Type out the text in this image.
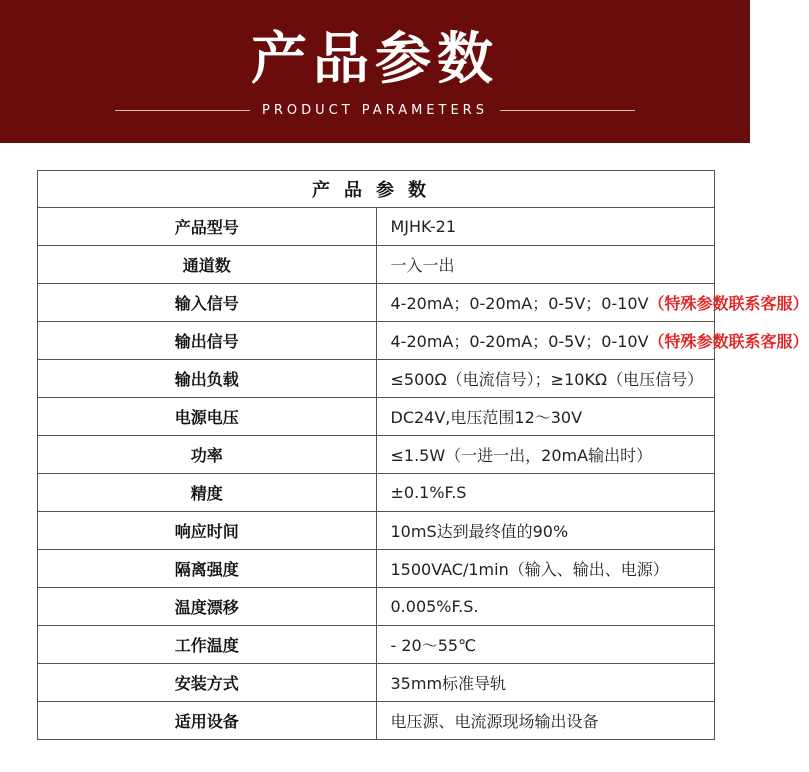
产品参数
PRODUCT PARAMETERS
产品参数	
产品型号	MJHK-21
通道数	一入一出
输入信号	4-20mA；0-20mA；0-5V；0-10V（特殊参数联系客服）
输出信号	4-20mA；0-20mA；0-5V；0-10V（特殊参数联系客服）
输出负载	≤500Ω（电流信号）；≥10KΩ（电压信号）
电源电压	DC24V,电压范围12～30V
功率	≤1.5W（一进一出，20mA输出时）
精度	±0.1%F.S
响应时间	10mS达到最终值的90%
隔离强度	1500VAC/1min（输入、输出、电源）
温度漂移	0.005%F.S.
工作温度	- 20～55℃
安装方式	35mm标准导轨
适用设备	电压源、电流源现场输出设备
